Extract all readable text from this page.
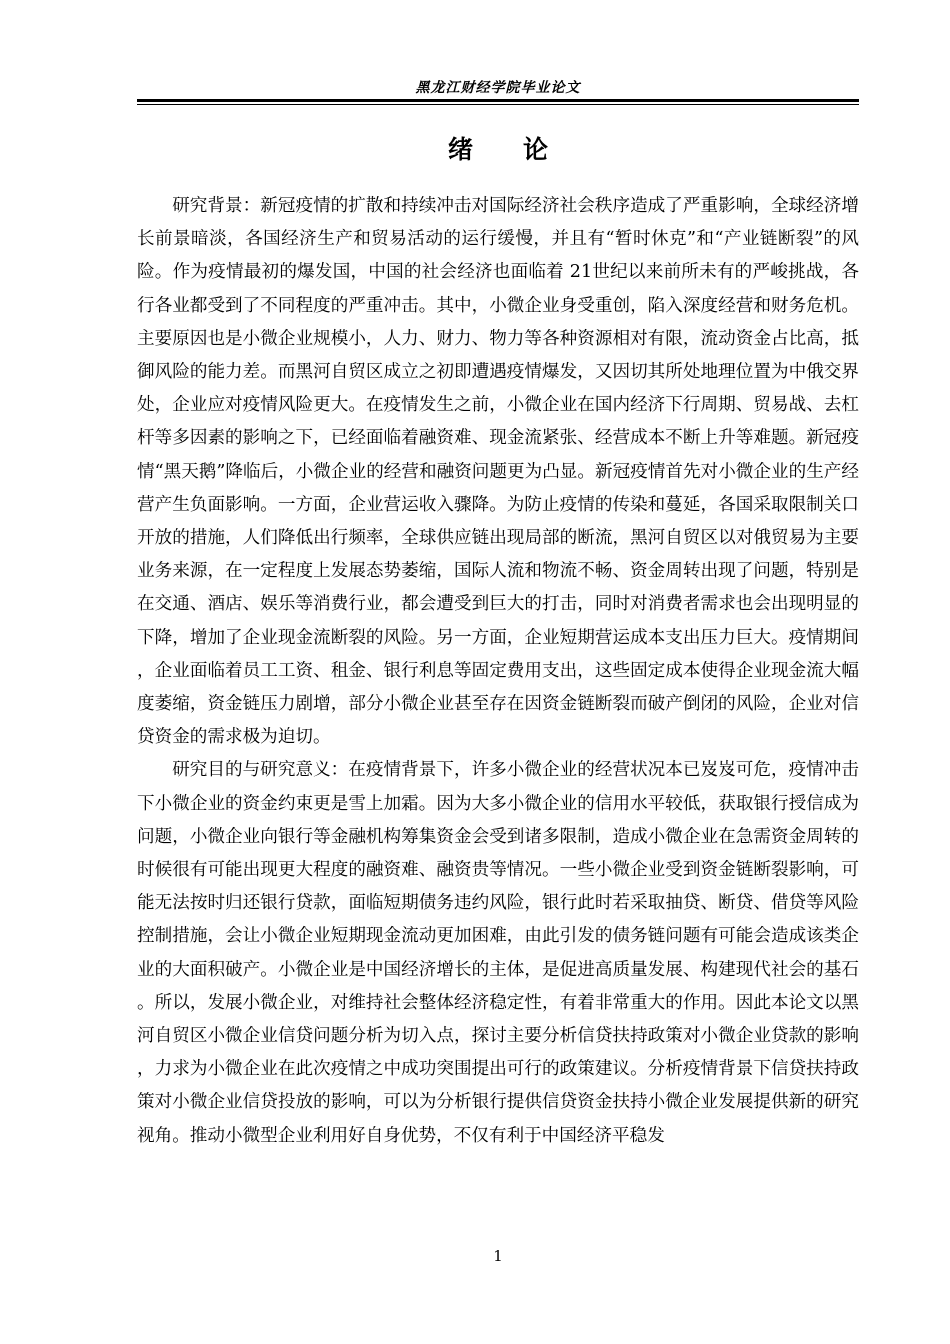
黑龙江财经学院毕业论文
绪论

研究背景：新冠疫情的扩散和持续冲击对国际经济社会秩序造成了严重影响，全球经济增长前景暗淡，各国经济生产和贸易活动的运行缓慢，并且有“暂时休克”和“产业链断裂”的风险。作为疫情最初的爆发国，中国的社会经济也面临着 21世纪以来前所未有的严峻挑战，各行各业都受到了不同程度的严重冲击。其中，小微企业身受重创，陷入深度经营和财务危机。主要原因也是小微企业规模小，人力、财力、物力等各种资源相对有限，流动资金占比高，抵御风险的能力差。而黑河自贸区成立之初即遭遇疫情爆发，又因切其所处地理位置为中俄交界处，企业应对疫情风险更大。在疫情发生之前，小微企业在国内经济下行周期、贸易战、去杠杆等多因素的影响之下，已经面临着融资难、现金流紧张、经营成本不断上升等难题。新冠疫情“黑天鹅”降临后，小微企业的经营和融资问题更为凸显。新冠疫情首先对小微企业的生产经营产生负面影响。一方面，企业营运收入骤降。为防止疫情的传染和蔓延，各国采取限制关口开放的措施，人们降低出行频率，全球供应链出现局部的断流，黑河自贸区以对俄贸易为主要业务来源，在一定程度上发展态势萎缩，国际人流和物流不畅、资金周转出现了问题，特别是在交通、酒店、娱乐等消费行业，都会遭受到巨大的打击，同时对消费者需求也会出现明显的下降，增加了企业现金流断裂的风险。另一方面，企业短期营运成本支出压力巨大。疫情期间，企业面临着员工工资、租金、银行利息等固定费用支出，这些固定成本使得企业现金流大幅度萎缩，资金链压力剧增，部分小微企业甚至存在因资金链断裂而破产倒闭的风险，企业对信贷资金的需求极为迫切。

研究目的与研究意义：在疫情背景下，许多小微企业的经营状况本已岌岌可危，疫情冲击下小微企业的资金约束更是雪上加霜。因为大多小微企业的信用水平较低，获取银行授信成为问题，小微企业向银行等金融机构筹集资金会受到诸多限制，造成小微企业在急需资金周转的时候很有可能出现更大程度的融资难、融资贵等情况。一些小微企业受到资金链断裂影响，可能无法按时归还银行贷款，面临短期债务违约风险，银行此时若采取抽贷、断贷、借贷等风险控制措施，会让小微企业短期现金流动更加困难，由此引发的债务链问题有可能会造成该类企业的大面积破产。小微企业是中国经济增长的主体，是促进高质量发展、构建现代社会的基石。所以，发展小微企业，对维持社会整体经济稳定性，有着非常重大的作用。因此本论文以黑河自贸区小微企业信贷问题分析为切入点，探讨主要分析信贷扶持政策对小微企业贷款的影响，力求为小微企业在此次疫情之中成功突围提出可行的政策建议。分析疫情背景下信贷扶持政策对小微企业信贷投放的影响，可以为分析银行提供信贷资金扶持小微企业发展提供新的研究视角。推动小微型企业利用好自身优势，不仅有利于中国经济平稳发

1
